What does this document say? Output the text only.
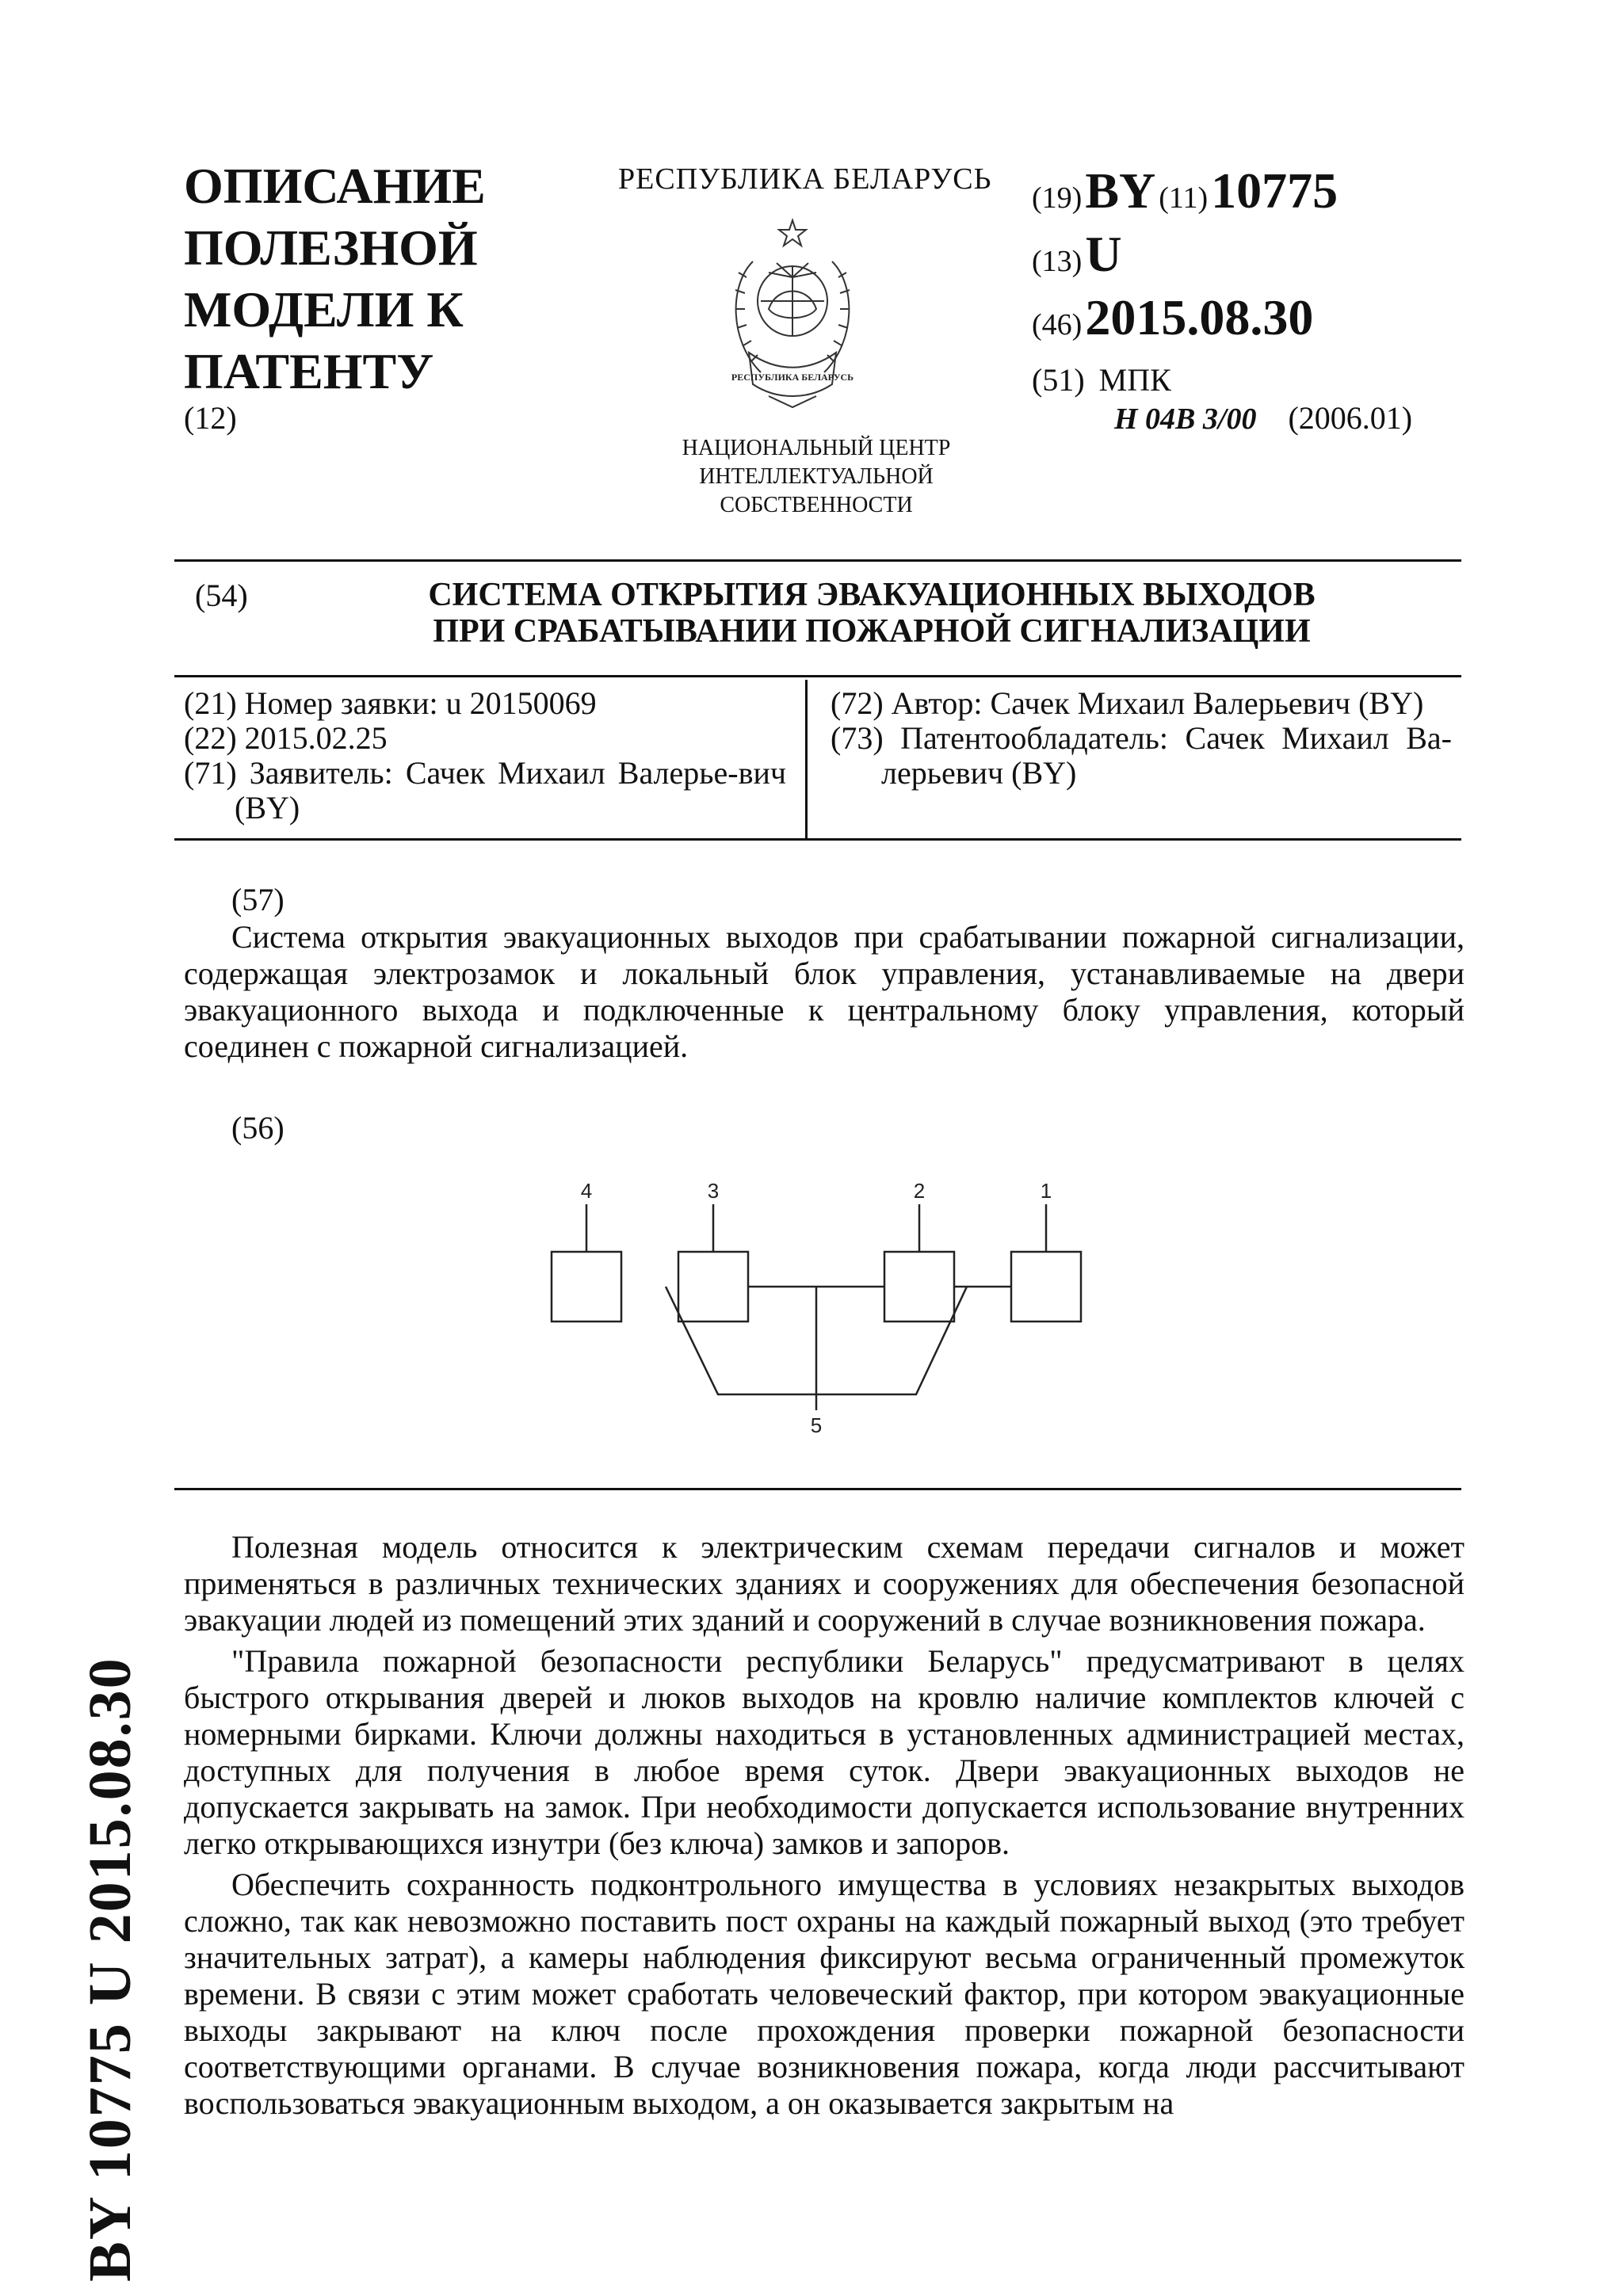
ОПИСАНИЕ
ПОЛЕЗНОЙ
МОДЕЛИ К
ПАТЕНТУ
(12)
РЕСПУБЛИКА БЕЛАРУСЬ
РЕСПУБЛИКА БЕЛАРУСЬ
НАЦИОНАЛЬНЫЙ ЦЕНТР
ИНТЕЛЛЕКТУАЛЬНОЙ
СОБСТВЕННОСТИ
(19) BY (11) 10775
(13) U
(46) 2015.08.30
(51) МПК
H 04B 3/00 (2006.01)
(54)	СИСТЕМА ОТКРЫТИЯ ЭВАКУАЦИОННЫХ ВЫХОДОВ
ПРИ СРАБАТЫВАНИИ ПОЖАРНОЙ СИГНАЛИЗАЦИИ
(21) Номер заявки: u 20150069
(22) 2015.02.25
(71) Заявитель: Сачек Михаил Валерье-вич (BY)
(72) Автор: Сачек Михаил Валерьевич (BY)
(73) Патентообладатель: Сачек Михаил Ва-лерьевич (BY)
(57)
Система открытия эвакуационных выходов при срабатывании пожарной сигнализации, содержащая электрозамок и локальный блок управления, устанавливаемые на двери эвакуационного выхода и подключенные к центральному блоку управления, который соединен с пожарной сигнализацией.
(56)
4	3	2	1
5

Полезная модель относится к электрическим схемам передачи сигналов и может применяться в различных технических зданиях и сооружениях для обеспечения безопасной эвакуации людей из помещений этих зданий и сооружений в случае возникновения пожара.

"Правила пожарной безопасности республики Беларусь" предусматривают в целях быстрого открывания дверей и люков выходов на кровлю наличие комплектов ключей с номерными бирками. Ключи должны находиться в установленных администрацией местах, доступных для получения в любое время суток. Двери эвакуационных выходов не допускается закрывать на замок. При необходимости допускается использование внутренних легко открывающихся изнутри (без ключа) замков и запоров.

Обеспечить сохранность подконтрольного имущества в условиях незакрытых выходов сложно, так как невозможно поставить пост охраны на каждый пожарный выход (это требует значительных затрат), а камеры наблюдения фиксируют весьма ограниченный промежуток времени. В связи с этим может сработать человеческий фактор, при котором эвакуационные выходы закрывают на ключ после прохождения проверки пожарной безопасности соответствующими органами. В случае возникновения пожара, когда люди рассчитывают воспользоваться эвакуационным выходом, а он оказывается закрытым на

BY 10775 U 2015.08.30
